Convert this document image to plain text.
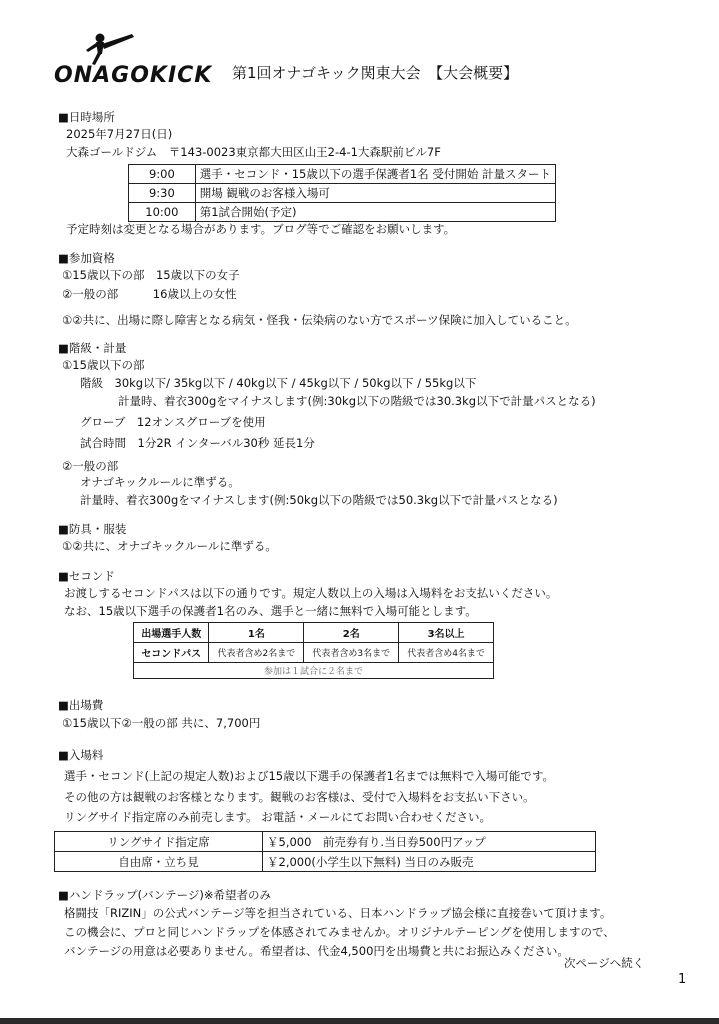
ONAGOKICK 第1回オナゴキック関東大会　【大会概要】
■日時場所
2025年7月27日(日)
大森ゴールドジム　〒143-0023東京都大田区山王2-4-1大森駅前ビル7F
9:00	選手・セコンド・15歳以下の選手保護者1名 受付開始 計量スタート
9:30	開場 観戦のお客様入場可
10:00	第1試合開始(予定)
予定時刻は変更となる場合があります。ブログ等でご確認をお願いします。
■参加資格
①15歳以下の部　15歳以下の女子
②一般の部　　　16歳以上の女性
①②共に、出場に際し障害となる病気・怪我・伝染病のない方でスポーツ保険に加入していること。
■階級・計量
①15歳以下の部
階級　30kg以下/ 35kg以下 / 40kg以下 / 45kg以下 / 50kg以下 / 55kg以下
計量時、着衣300gをマイナスします(例:30kg以下の階級では30.3kg以下で計量パスとなる)
グローブ　12オンスグローブを使用
試合時間　1分2R インターバル30秒 延長1分
②一般の部
オナゴキックルールに準ずる。
計量時、着衣300gをマイナスします(例:50kg以下の階級では50.3kg以下で計量パスとなる)
■防具・服装
①②共に、オナゴキックルールに準ずる。
■セコンド
お渡しするセコンドパスは以下の通りです。規定人数以上の入場は入場料をお支払いください。
なお、15歳以下選手の保護者1名のみ、選手と一緒に無料で入場可能とします。
出場選手人数	1名	2名	3名以上
セコンドパス	代表者含め2名まで	代表者含め3名まで	代表者含め4名まで
参加は１試合に２名まで			
■出場費
①15歳以下②一般の部 共に、7,700円
■入場料
選手・セコンド(上記の規定人数)および15歳以下選手の保護者1名までは無料で入場可能です。
その他の方は観戦のお客様となります。観戦のお客様は、受付で入場料をお支払い下さい。
リングサイド指定席のみ前売します。 お電話・メールにてお問い合わせください。
リングサイド指定席	￥5,000　前売券有り.当日券500円アップ
自由席・立ち見	￥2,000(小学生以下無料) 当日のみ販売
■ハンドラップ(バンテージ)※希望者のみ
格闘技「RIZIN」の公式バンテージ等を担当されている、日本ハンドラップ協会様に直接巻いて頂けます。
この機会に、プロと同じハンドラップを体感されてみませんか。オリジナルテーピングを使用しますので、
バンテージの用意は必要ありません。希望者は、代金4,500円を出場費と共にお振込みください。
次ページへ続く
1
